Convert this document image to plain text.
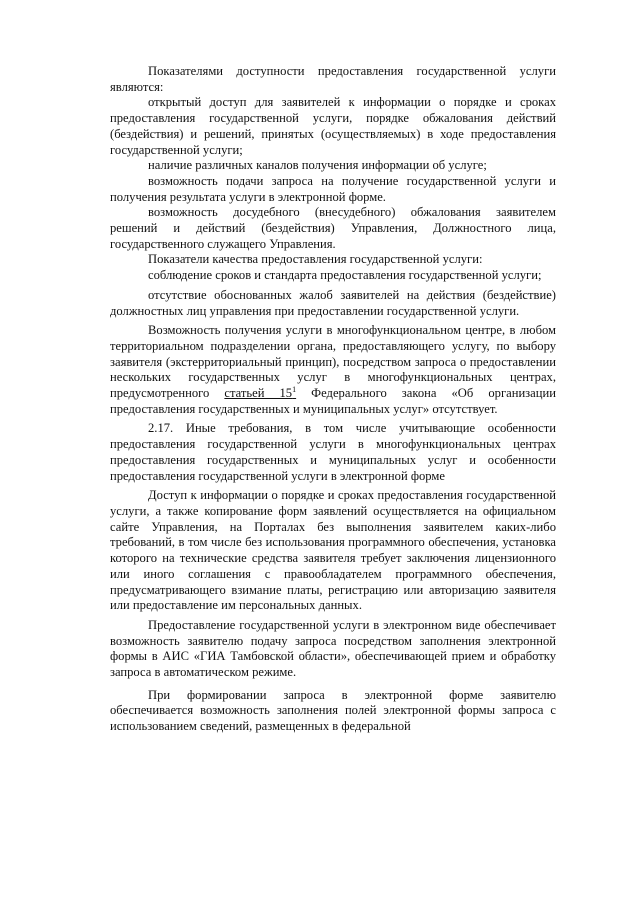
Показателями доступности предоставления государственной услуги являются:

открытый доступ для заявителей к информации о порядке и сроках предоставления государственной услуги, порядке обжалования действий (бездействия) и решений, принятых (осуществляемых) в ходе предоставления государственной услуги;

наличие различных каналов получения информации об услуге;

возможность подачи запроса на получение государственной услуги и получения результата услуги в электронной форме.

возможность досудебного (внесудебного) обжалования заявителем решений и действий (бездействия) Управления, Должностного лица, государственного служащего Управления.

Показатели качества предоставления государственной услуги:

соблюдение сроков и стандарта предоставления государственной услуги;

отсутствие обоснованных жалоб заявителей на действия (бездействие) должностных лиц управления при предоставлении государственной услуги.

Возможность получения услуги в многофункциональном центре, в любом территориальном подразделении органа, предоставляющего услугу, по выбору заявителя (экстерриториальный принцип), посредством запроса о предоставлении нескольких государственных услуг в многофункциональных центрах, предусмотренного статьей 15$^1$ Федерального закона «Об организации предоставления государственных и муниципальных услуг» отсутствует.

2.17. Иные требования, в том числе учитывающие особенности предоставления государственной услуги в многофункциональных центрах предоставления государственных и муниципальных услуг и особенности предоставления государственной услуги в электронной форме

Доступ к информации о порядке и сроках предоставления государственной услуги, а также копирование форм заявлений осуществляется на официальном сайте Управления, на Порталах без выполнения заявителем каких-либо требований, в том числе без использования программного обеспечения, установка которого на технические средства заявителя требует заключения лицензионного или иного соглашения с правообладателем программного обеспечения, предусматривающего взимание платы, регистрацию или авторизацию заявителя или предоставление им персональных данных.

Предоставление государственной услуги в электронном виде обеспечивает возможность заявителю подачу запроса посредством заполнения электронной формы в АИС «ГИА Тамбовской области», обеспечивающей прием и обработку запроса в автоматическом режиме.

При формировании запроса в электронной форме заявителю обеспечивается возможность заполнения полей электронной формы запроса с использованием сведений, размещенных в федеральной
